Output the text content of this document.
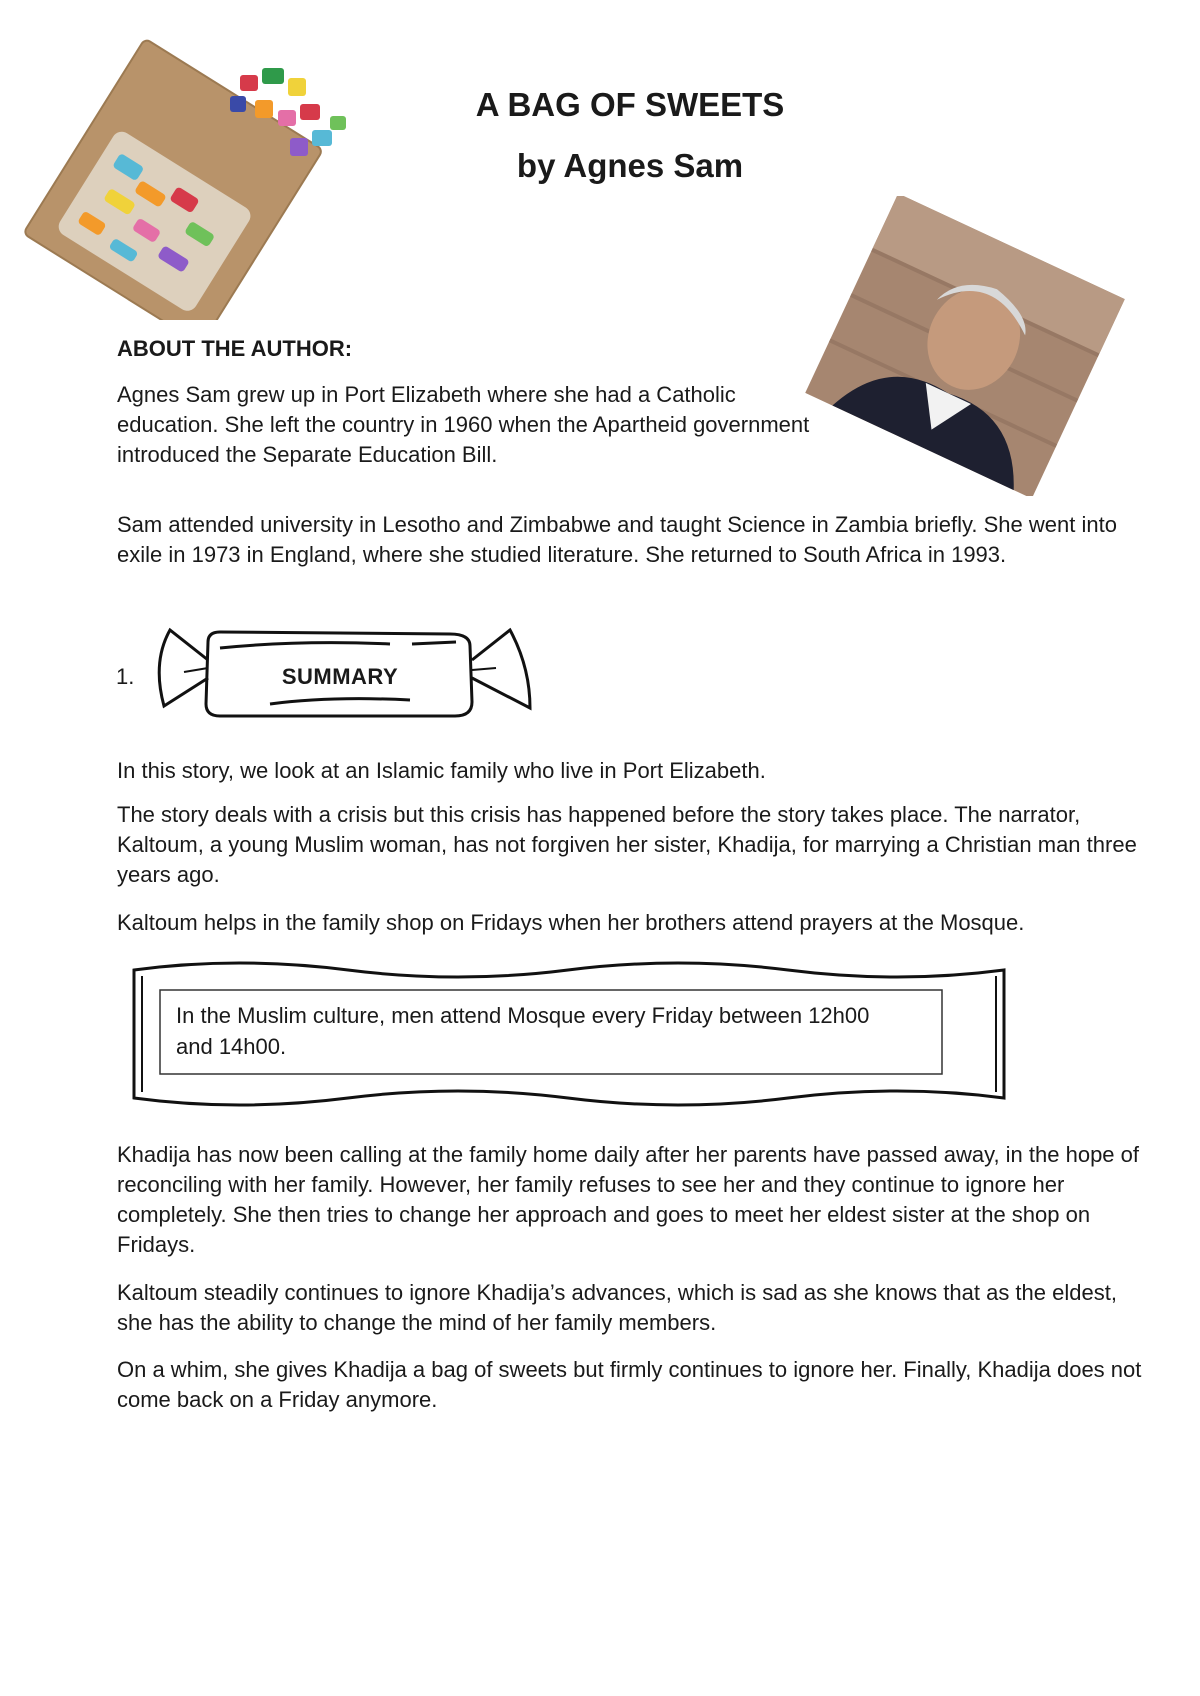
A BAG OF SWEETS
by Agnes Sam

ABOUT THE AUTHOR:

Agnes Sam grew up in Port Elizabeth where she had a Catholic education. She left the country in 1960 when the Apartheid government introduced the Separate Education Bill.

Sam attended university in Lesotho and Zimbabwe and taught Science in Zambia briefly. She went into exile in 1973 in England, where she studied literature. She returned to South Africa in 1993.

1.	SUMMARY

In this story, we look at an Islamic family who live in Port Elizabeth.

The story deals with a crisis but this crisis has happened before the story takes place. The narrator, Kaltoum, a young Muslim woman, has not forgiven her sister, Khadija, for marrying a Christian man three years ago.

Kaltoum helps in the family shop on Fridays when her brothers attend prayers at the Mosque.

In the Muslim culture, men attend Mosque every Friday between 12h00 and 14h00.

Khadija has now been calling at the family home daily after her parents have passed away, in the hope of reconciling with her family. However, her family refuses to see her and they continue to ignore her completely. She then tries to change her approach and goes to meet her eldest sister at the shop on Fridays.

Kaltoum steadily continues to ignore Khadija’s advances, which is sad as she knows that as the eldest, she has the ability to change the mind of her family members.

On a whim, she gives Khadija a bag of sweets but firmly continues to ignore her. Finally, Khadija does not come back on a Friday anymore.
